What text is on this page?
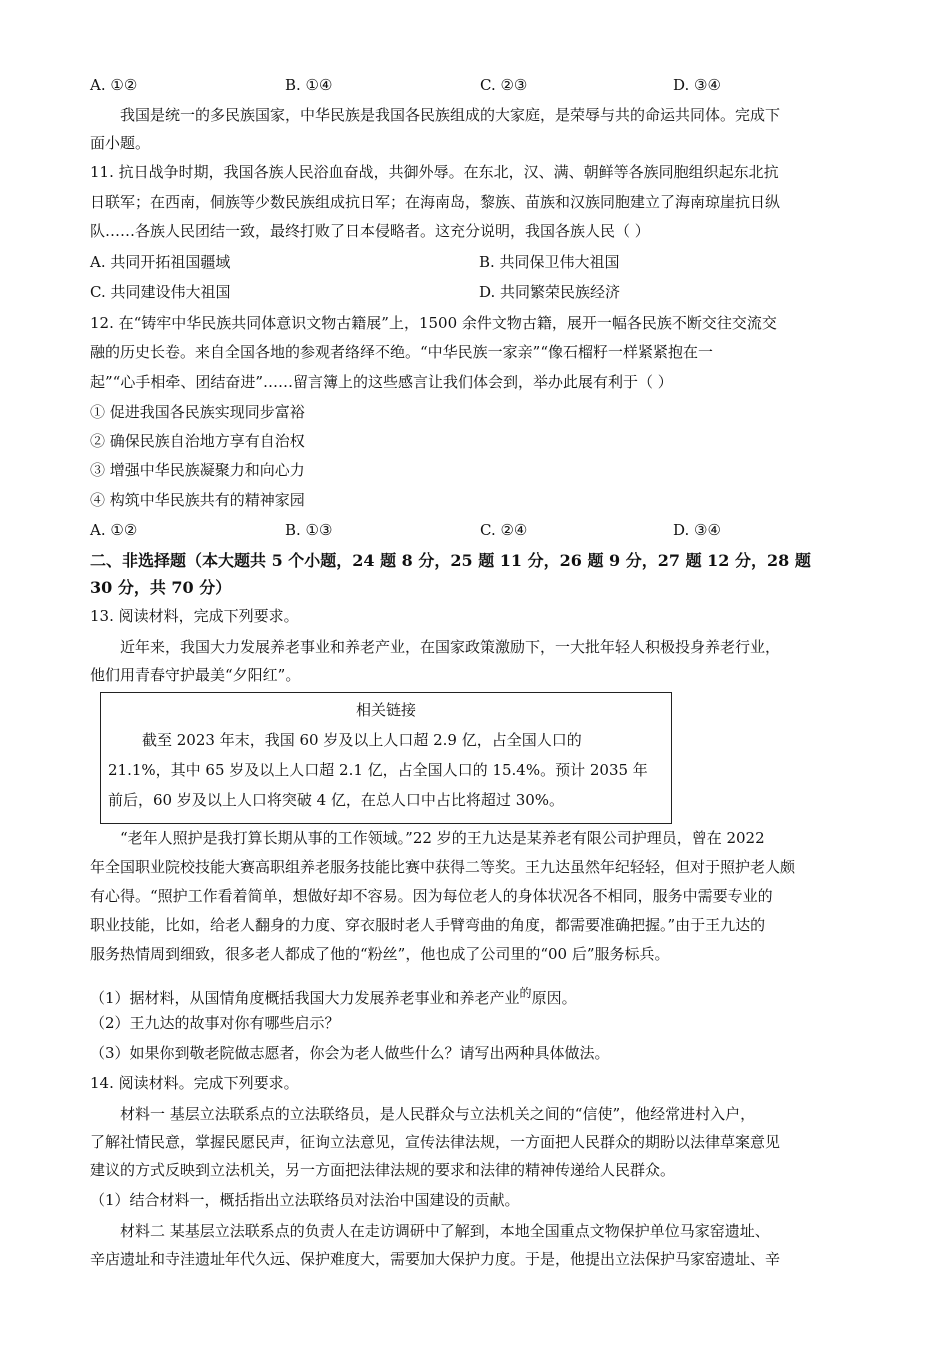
A. ①②	B. ①④	C. ②③	D. ③④
我国是统一的多民族国家，中华民族是我国各民族组成的大家庭，是荣辱与共的命运共同体。完成下
面小题。
11. 抗日战争时期，我国各族人民浴血奋战，共御外辱。在东北，汉、满、朝鲜等各族同胞组织起东北抗
日联军；在西南，侗族等少数民族组成抗日军；在海南岛，黎族、苗族和汉族同胞建立了海南琼崖抗日纵
队……各族人民团结一致，最终打败了日本侵略者。这充分说明，我国各族人民（ ）
A. 共同开拓祖国疆域	B. 共同保卫伟大祖国
C. 共同建设伟大祖国	D. 共同繁荣民族经济
12. 在“铸牢中华民族共同体意识文物古籍展”上，1500 余件文物古籍，展开一幅各民族不断交往交流交
融的历史长卷。来自全国各地的参观者络绎不绝。“中华民族一家亲”“像石榴籽一样紧紧抱在一
起”“心手相牵、团结奋进”……留言簿上的这些感言让我们体会到，举办此展有利于（ ）
① 促进我国各民族实现同步富裕
② 确保民族自治地方享有自治权
③ 增强中华民族凝聚力和向心力
④ 构筑中华民族共有的精神家园
A. ①②	B. ①③	C. ②④	D. ③④
二、非选择题（本大题共 5 个小题，24 题 8 分，25 题 11 分，26 题 9 分，27 题 12 分，28 题
30 分，共 70 分）
13. 阅读材料，完成下列要求。
近年来，我国大力发展养老事业和养老产业，在国家政策激励下，一大批年轻人积极投身养老行业，
他们用青春守护最美“夕阳红”。
相关链接
截至 2023 年末，我国 60 岁及以上人口超 2.9 亿，占全国人口的
21.1%，其中 65 岁及以上人口超 2.1 亿，占全国人口的 15.4%。预计 2035 年
前后，60 岁及以上人口将突破 4 亿，在总人口中占比将超过 30%。
“老年人照护是我打算长期从事的工作领域。”22 岁的王九达是某养老有限公司护理员，曾在 2022
年全国职业院校技能大赛高职组养老服务技能比赛中获得二等奖。王九达虽然年纪轻轻，但对于照护老人颇
有心得。“照护工作看着简单，想做好却不容易。因为每位老人的身体状况各不相同，服务中需要专业的
职业技能，比如，给老人翻身的力度、穿衣服时老人手臂弯曲的角度，都需要准确把握。”由于王九达的
服务热情周到细致，很多老人都成了他的“粉丝”，他也成了公司里的“00 后”服务标兵。
（1）据材料，从国情角度概括我国大力发展养老事业和养老产业$^的$原因。
（2）王九达的故事对你有哪些启示？
（3）如果你到敬老院做志愿者，你会为老人做些什么？请写出两种具体做法。
14. 阅读材料。完成下列要求。
材料一 基层立法联系点的立法联络员，是人民群众与立法机关之间的“信使”，他经常进村入户，
了解社情民意，掌握民愿民声，征询立法意见，宣传法律法规，一方面把人民群众的期盼以法律草案意见
建议的方式反映到立法机关，另一方面把法律法规的要求和法律的精神传递给人民群众。
（1）结合材料一，概括指出立法联络员对法治中国建设的贡献。
材料二 某基层立法联系点的负责人在走访调研中了解到，本地全国重点文物保护单位马家窑遗址、
辛店遗址和寺洼遗址年代久远、保护难度大，需要加大保护力度。于是，他提出立法保护马家窑遗址、辛
